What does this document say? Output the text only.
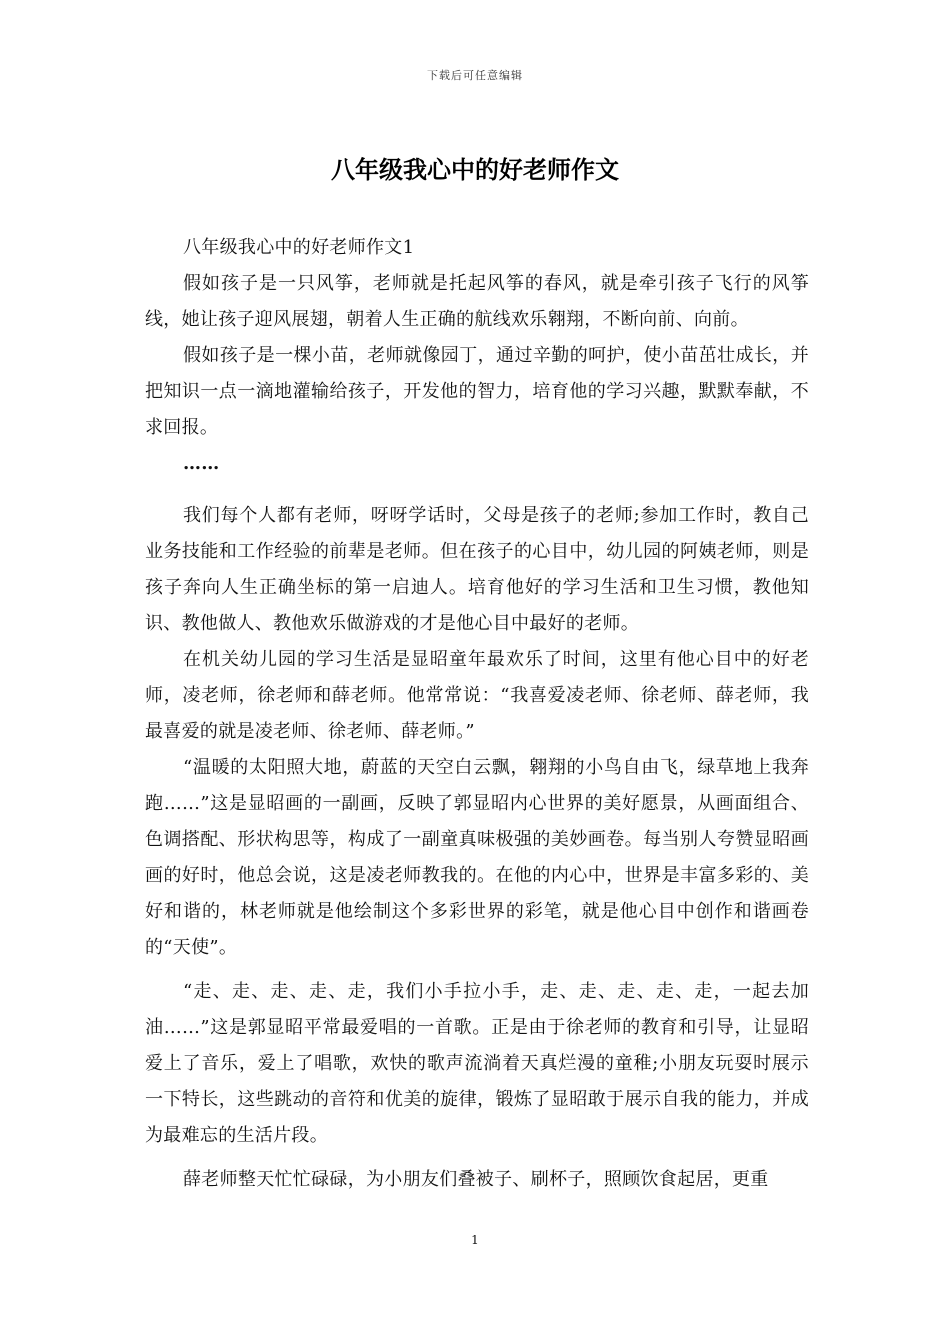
下载后可任意编辑
八年级我心中的好老师作文

八年级我心中的好老师作文1

假如孩子是一只风筝，老师就是托起风筝的春风，就是牵引孩子飞行的风筝线，她让孩子迎风展翅，朝着人生正确的航线欢乐翱翔，不断向前、向前。

假如孩子是一棵小苗，老师就像园丁，通过辛勤的呵护，使小苗茁壮成长，并把知识一点一滴地灌输给孩子，开发他的智力，培育他的学习兴趣，默默奉献，不求回报。

……

我们每个人都有老师，呀呀学话时，父母是孩子的老师;参加工作时，教自己业务技能和工作经验的前辈是老师。但在孩子的心目中，幼儿园的阿姨老师，则是孩子奔向人生正确坐标的第一启迪人。培育他好的学习生活和卫生习惯，教他知识、教他做人、教他欢乐做游戏的才是他心目中最好的老师。

在机关幼儿园的学习生活是显昭童年最欢乐了时间，这里有他心目中的好老师，凌老师，徐老师和薛老师。他常常说：“我喜爱凌老师、徐老师、薛老师，我最喜爱的就是凌老师、徐老师、薛老师。”

“温暖的太阳照大地，蔚蓝的天空白云飘，翱翔的小鸟自由飞，绿草地上我奔跑……”这是显昭画的一副画，反映了郭显昭内心世界的美好愿景，从画面组合、色调搭配、形状构思等，构成了一副童真味极强的美妙画卷。每当别人夸赞显昭画画的好时，他总会说，这是凌老师教我的。在他的内心中，世界是丰富多彩的、美好和谐的，林老师就是他绘制这个多彩世界的彩笔，就是他心目中创作和谐画卷的“天使”。

“走、走、走、走、走，我们小手拉小手，走、走、走、走、走，一起去加油……”这是郭显昭平常最爱唱的一首歌。正是由于徐老师的教育和引导，让显昭爱上了音乐，爱上了唱歌，欢快的歌声流淌着天真烂漫的童稚;小朋友玩耍时展示一下特长，这些跳动的音符和优美的旋律，锻炼了显昭敢于展示自我的能力，并成为最难忘的生活片段。

薛老师整天忙忙碌碌，为小朋友们叠被子、刷杯子，照顾饮食起居，更重

1
